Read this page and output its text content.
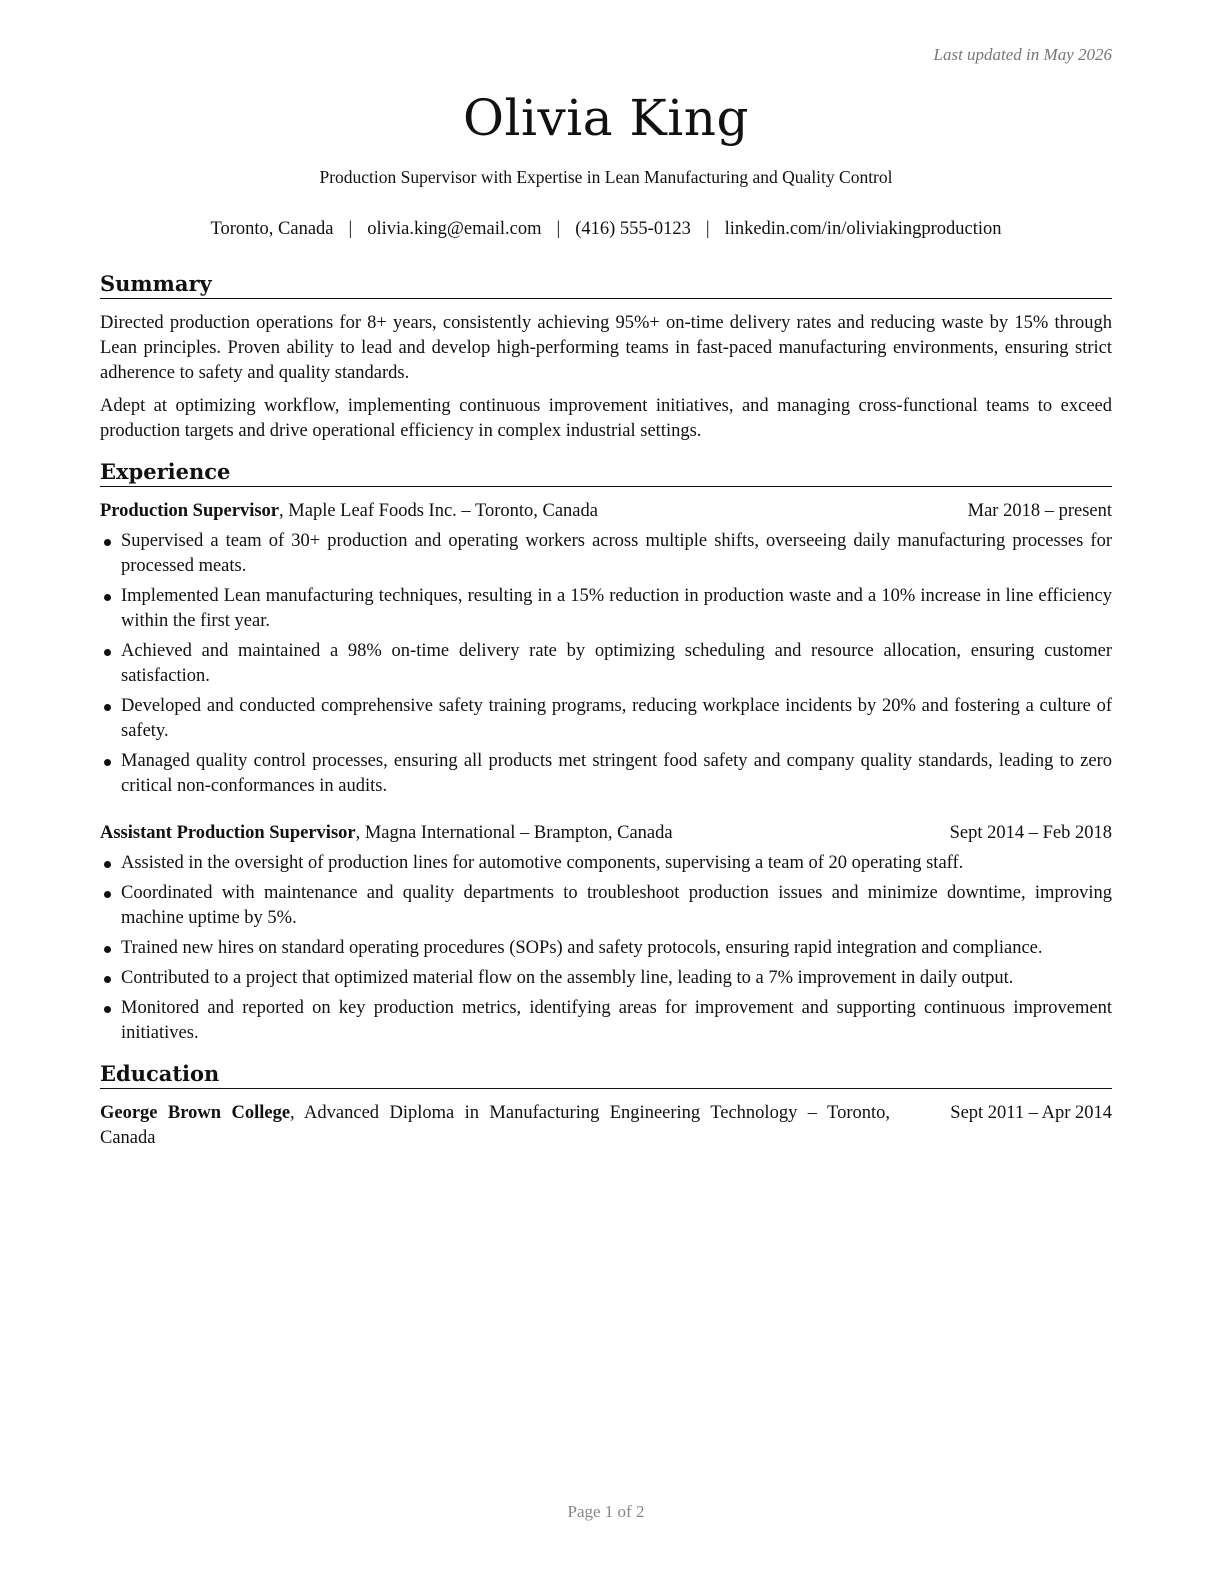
Last updated in May 2026
Olivia King
Production Supervisor with Expertise in Lean Manufacturing and Quality Control
Toronto, Canada | olivia.king@email.com | (416) 555-0123 | linkedin.com/in/oliviakingproduction
Summary

Directed production operations for 8+ years, consistently achieving 95%+ on-time delivery rates and reducing waste by 15% through Lean principles. Proven ability to lead and develop high-performing teams in fast-paced manufacturing environments, ensuring strict adherence to safety and quality standards.

Adept at optimizing workflow, implementing continuous improvement initiatives, and managing cross-functional teams to exceed production targets and drive operational efficiency in complex industrial settings.

Experience
Production Supervisor, Maple Leaf Foods Inc. – Toronto, Canada	Mar 2018 – present
Supervised a team of 30+ production and operating workers across multiple shifts, overseeing daily manufacturing processes for processed meats.
Implemented Lean manufacturing techniques, resulting in a 15% reduction in production waste and a 10% increase in line efficiency within the first year.
Achieved and maintained a 98% on-time delivery rate by optimizing scheduling and resource allocation, ensuring customer satisfaction.
Developed and conducted comprehensive safety training programs, reducing workplace incidents by 20% and fostering a culture of safety.
Managed quality control processes, ensuring all products met stringent food safety and company quality standards, leading to zero critical non-conformances in audits.
Assistant Production Supervisor, Magna International – Brampton, Canada	Sept 2014 – Feb 2018
Assisted in the oversight of production lines for automotive components, supervising a team of 20 operating staff.
Coordinated with maintenance and quality departments to troubleshoot production issues and minimize downtime, improving machine uptime by 5%.
Trained new hires on standard operating procedures (SOPs) and safety protocols, ensuring rapid integration and compliance.
Contributed to a project that optimized material flow on the assembly line, leading to a 7% improvement in daily output.
Monitored and reported on key production metrics, identifying areas for improvement and supporting continuous improvement initiatives.
Education
George Brown College, Advanced Diploma in Manufacturing Engineering Technology – Toronto, Canada
Sept 2011 – Apr 2014
Page 1 of 2
